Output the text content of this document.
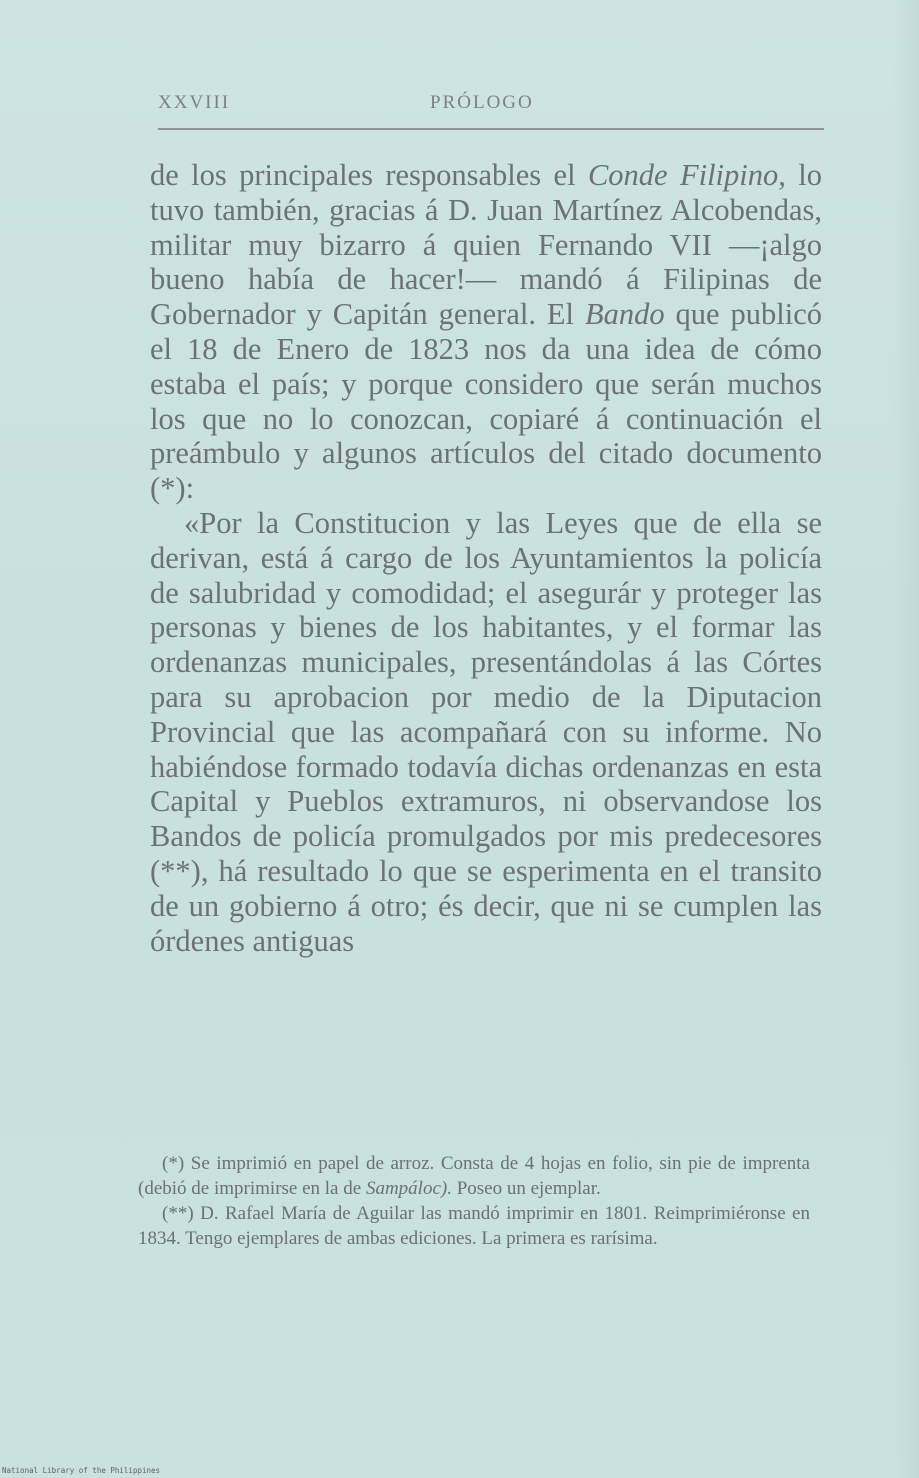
XXVIII	PRÓLOGO

de los principales responsables el Conde Filipino, lo tuvo también, gracias á D. Juan Martínez Alcobendas, militar muy bizarro á quien Fernando VII —¡algo bueno había de hacer!— mandó á Filipinas de Gobernador y Capitán general. El Bando que publicó el 18 de Enero de 1823 nos da una idea de cómo estaba el país; y porque considero que serán muchos los que no lo conozcan, copiaré á continuación el preámbulo y algunos artículos del citado documento (*):

«Por la Constitucion y las Leyes que de ella se derivan, está á cargo de los Ayuntamientos la policía de salubridad y comodidad; el asegurár y proteger las personas y bienes de los habitantes, y el formar las ordenanzas municipales, presentándolas á las Córtes para su aprobacion por medio de la Diputacion Provincial que las acompañará con su informe. No habiéndose formado todavía dichas ordenanzas en esta Capital y Pueblos extramuros, ni observandose los Bandos de policía promulgados por mis predecesores (**), há resultado lo que se esperimenta en el transito de un gobierno á otro; és decir, que ni se cumplen las órdenes antiguas

(*) Se imprimió en papel de arroz. Consta de 4 hojas en folio, sin pie de imprenta (debió de imprimirse en la de Sampáloc). Poseo un ejemplar.

(**) D. Rafael María de Aguilar las mandó imprimir en 1801. Reimprimiéronse en 1834. Tengo ejemplares de ambas ediciones. La primera es rarísima.

National Library of the Philippines
